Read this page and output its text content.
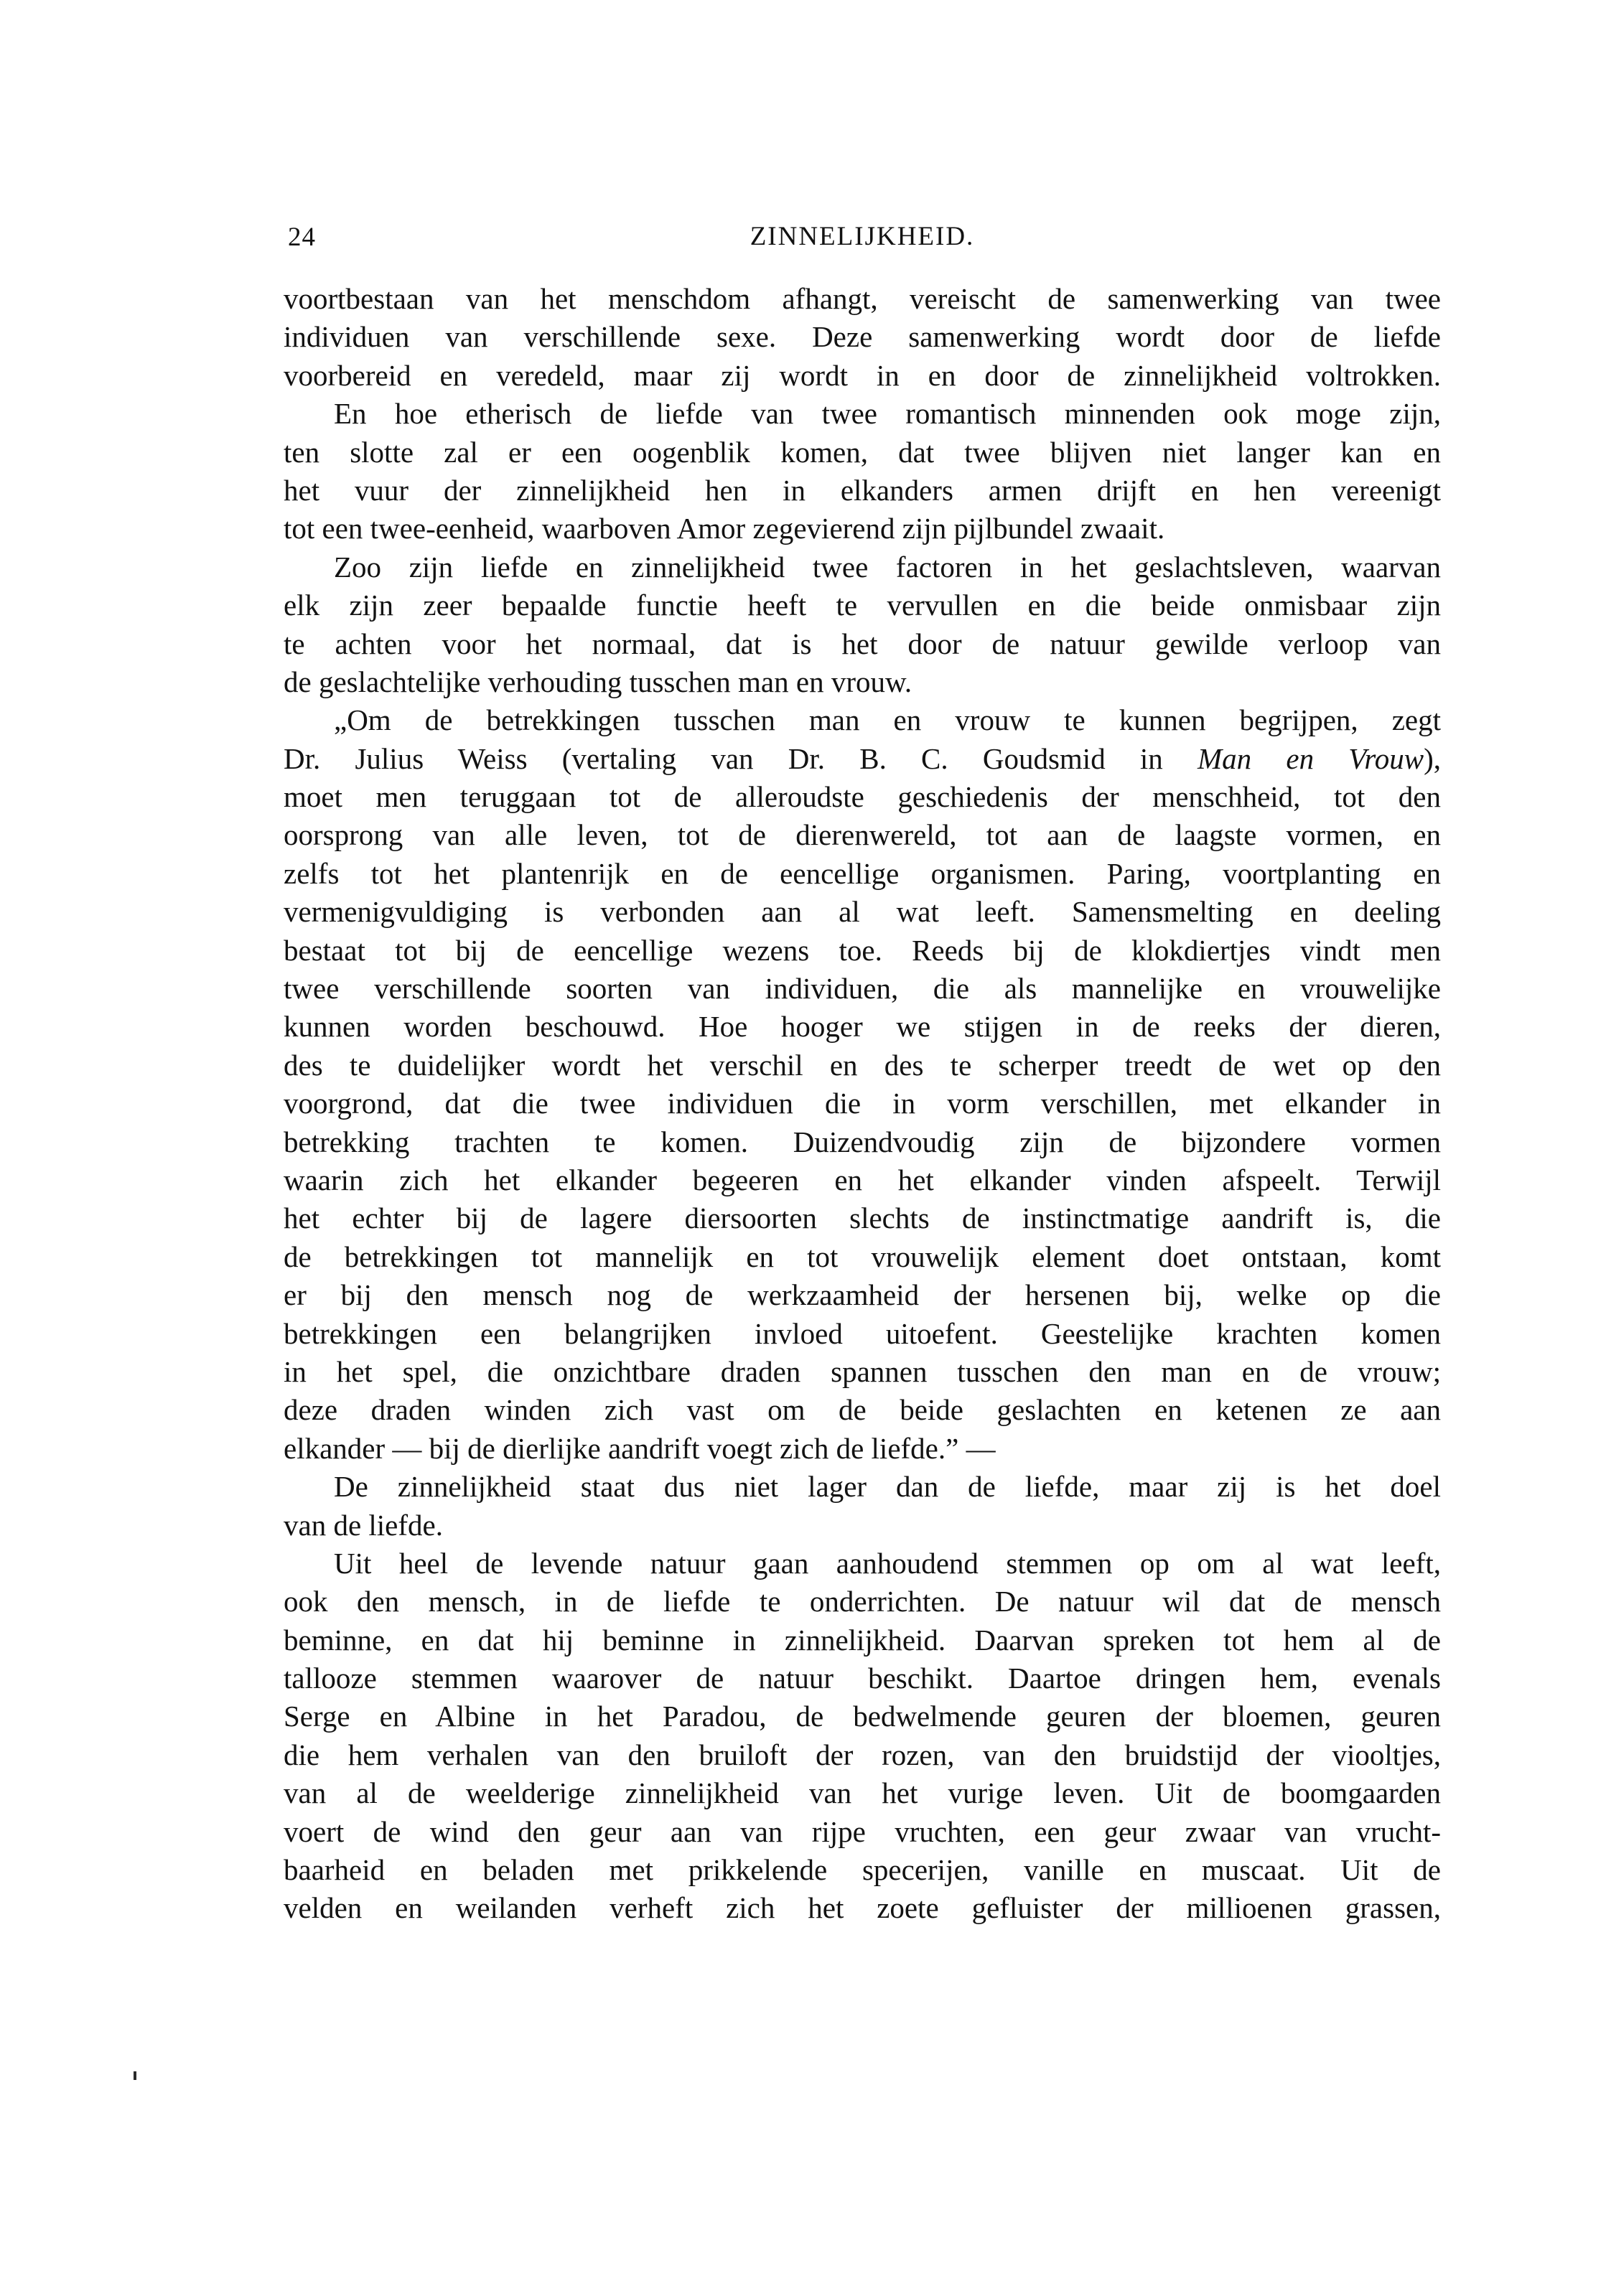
24	ZINNELIJKHEID.
voortbestaan van het menschdom afhangt, vereischt de samenwerking van twee
individuen van verschillende sexe. Deze samenwerking wordt door de liefde
voorbereid en veredeld, maar zij wordt in en door de zinnelijkheid voltrokken.
En hoe etherisch de liefde van twee romantisch minnenden ook moge zijn,
ten slotte zal er een oogenblik komen, dat twee blijven niet langer kan en
het vuur der zinnelijkheid hen in elkanders armen drijft en hen vereenigt
tot een twee-eenheid, waarboven Amor zegevierend zijn pijlbundel zwaait.
Zoo zijn liefde en zinnelijkheid twee factoren in het geslachtsleven, waarvan
elk zijn zeer bepaalde functie heeft te vervullen en die beide onmisbaar zijn
te achten voor het normaal, dat is het door de natuur gewilde verloop van
de geslachtelijke verhouding tusschen man en vrouw.
„Om de betrekkingen tusschen man en vrouw te kunnen begrijpen, zegt
Dr. Julius Weiss (vertaling van Dr. B. C. Goudsmid in Man en Vrouw),
moet men teruggaan tot de alleroudste geschiedenis der menschheid, tot den
oorsprong van alle leven, tot de dierenwereld, tot aan de laagste vormen, en
zelfs tot het plantenrijk en de eencellige organismen. Paring, voortplanting en
vermenigvuldiging is verbonden aan al wat leeft. Samensmelting en deeling
bestaat tot bij de eencellige wezens toe. Reeds bij de klokdiertjes vindt men
twee verschillende soorten van individuen, die als mannelijke en vrouwelijke
kunnen worden beschouwd. Hoe hooger we stijgen in de reeks der dieren,
des te duidelijker wordt het verschil en des te scherper treedt de wet op den
voorgrond, dat die twee individuen die in vorm verschillen, met elkander in
betrekking trachten te komen. Duizendvoudig zijn de bijzondere vormen
waarin zich het elkander begeeren en het elkander vinden afspeelt. Terwijl
het echter bij de lagere diersoorten slechts de instinctmatige aandrift is, die
de betrekkingen tot mannelijk en tot vrouwelijk element doet ontstaan, komt
er bij den mensch nog de werkzaamheid der hersenen bij, welke op die
betrekkingen een belangrijken invloed uitoefent. Geestelijke krachten komen
in het spel, die onzichtbare draden spannen tusschen den man en de vrouw;
deze draden winden zich vast om de beide geslachten en ketenen ze aan
elkander — bij de dierlijke aandrift voegt zich de liefde.” —
De zinnelijkheid staat dus niet lager dan de liefde, maar zij is het doel
van de liefde.
Uit heel de levende natuur gaan aanhoudend stemmen op om al wat leeft,
ook den mensch, in de liefde te onderrichten. De natuur wil dat de mensch
beminne, en dat hij beminne in zinnelijkheid. Daarvan spreken tot hem al de
tallooze stemmen waarover de natuur beschikt. Daartoe dringen hem, evenals
Serge en Albine in het Paradou, de bedwelmende geuren der bloemen, geuren
die hem verhalen van den bruiloft der rozen, van den bruidstijd der viooltjes,
van al de weelderige zinnelijkheid van het vurige leven. Uit de boomgaarden
voert de wind den geur aan van rijpe vruchten, een geur zwaar van vrucht-
baarheid en beladen met prikkelende specerijen, vanille en muscaat. Uit de
velden en weilanden verheft zich het zoete gefluister der millioenen grassen,
